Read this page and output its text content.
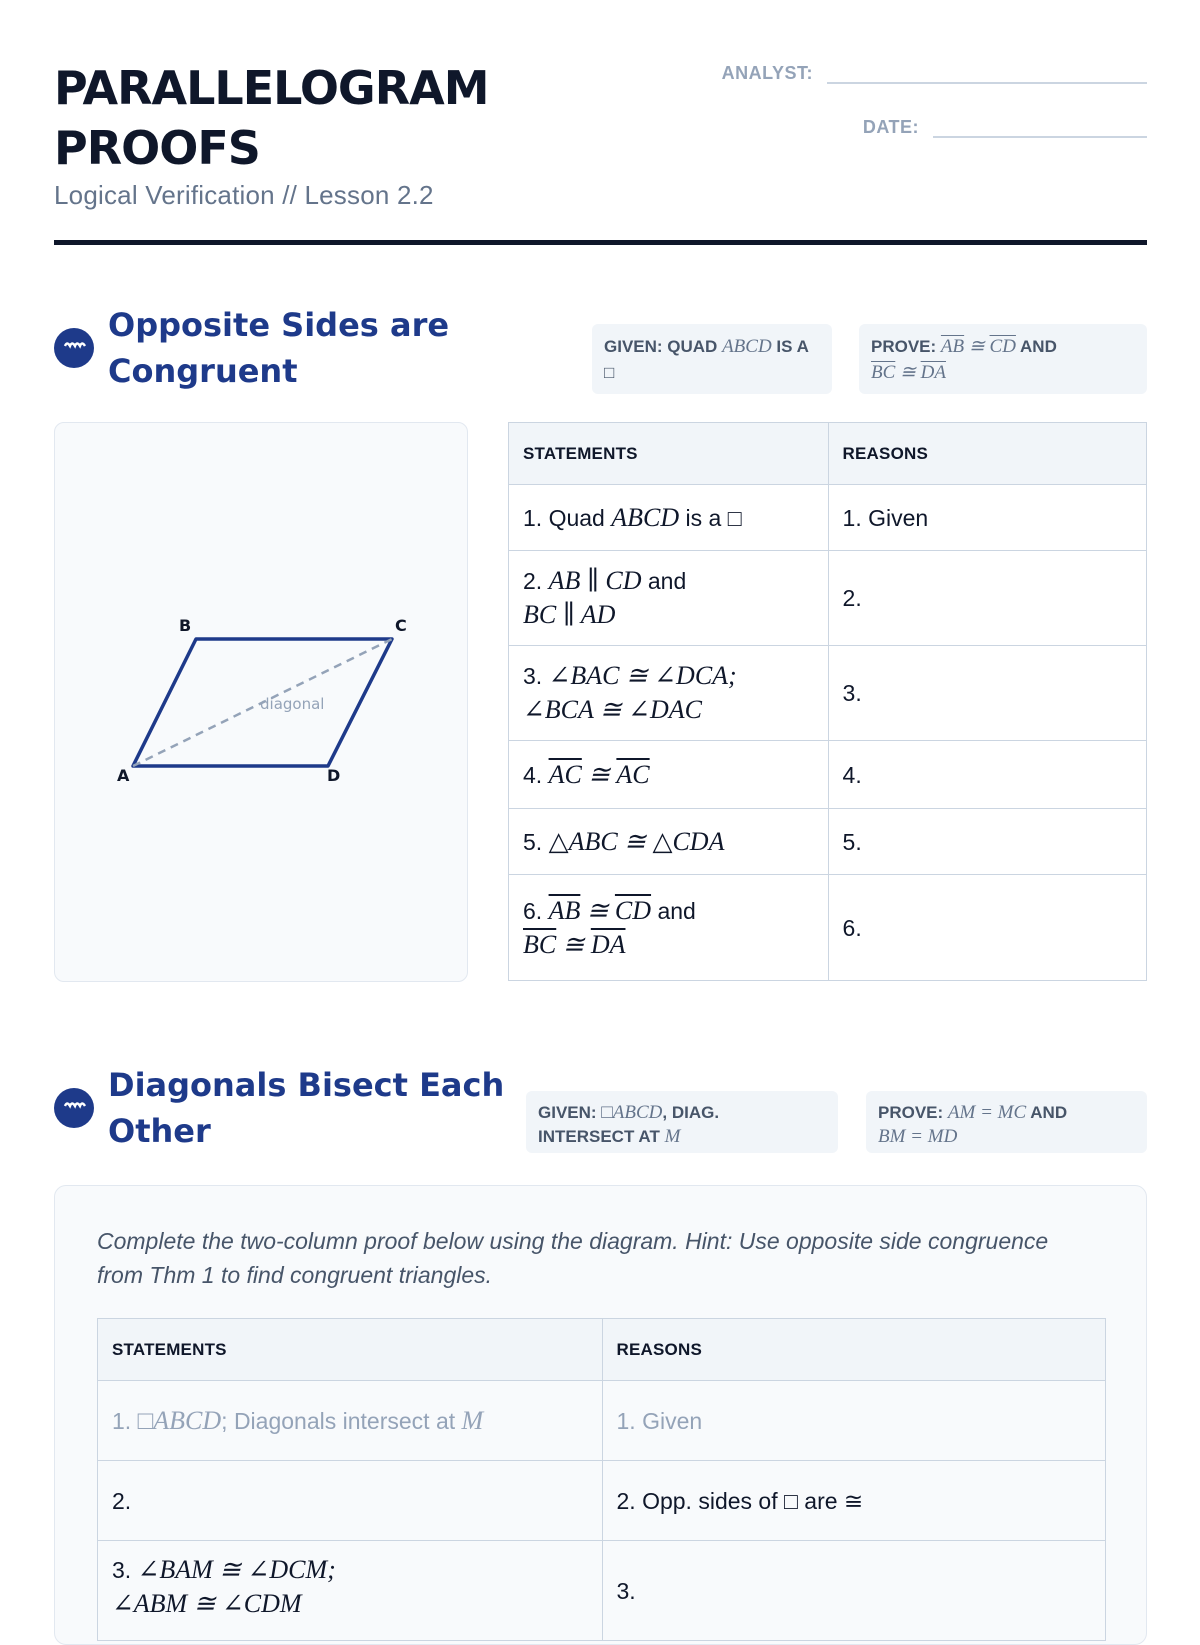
PARALLELOGRAM
PROOFS
Logical Verification // Lesson 2.2
ANALYST:
DATE:
Opposite Sides are
Congruent
GIVEN: QUAD ABCD IS A
□
PROVE: $\overline{AB}$ ≅ $\overline{CD}$ AND
$\overline{BC}$ ≅ $\overline{DA}$
A
B	C
D
diagonal
STATEMENTS	REASONS
1. Quad ABCD is a □	1. Given
2. AB ∥ CD and
BC ∥ AD	2.
3. ∠BAC ≅ ∠DCA;
∠BCA ≅ ∠DAC	3.
4. $\overline{AC}$ ≅ $\overline{AC}$	4.
5. △ABC ≅ △CDA	5.
6. $\overline{AB}$ ≅ $\overline{CD}$ and
$\overline{BC}$ ≅ $\overline{DA}$	6.
Diagonals Bisect Each
Other	GIVEN: □ABCD, DIAG.
INTERSECT AT M
PROVE: AM = MC AND
BM = MD
Complete the two-column proof below using the diagram. Hint: Use opposite side congruence from Thm 1 to find congruent triangles.
STATEMENTS	REASONS
1. □ABCD; Diagonals intersect at M	1. Given
2.	2. Opp. sides of □ are ≅
3. ∠BAM ≅ ∠DCM;
∠ABM ≅ ∠CDM	3.
